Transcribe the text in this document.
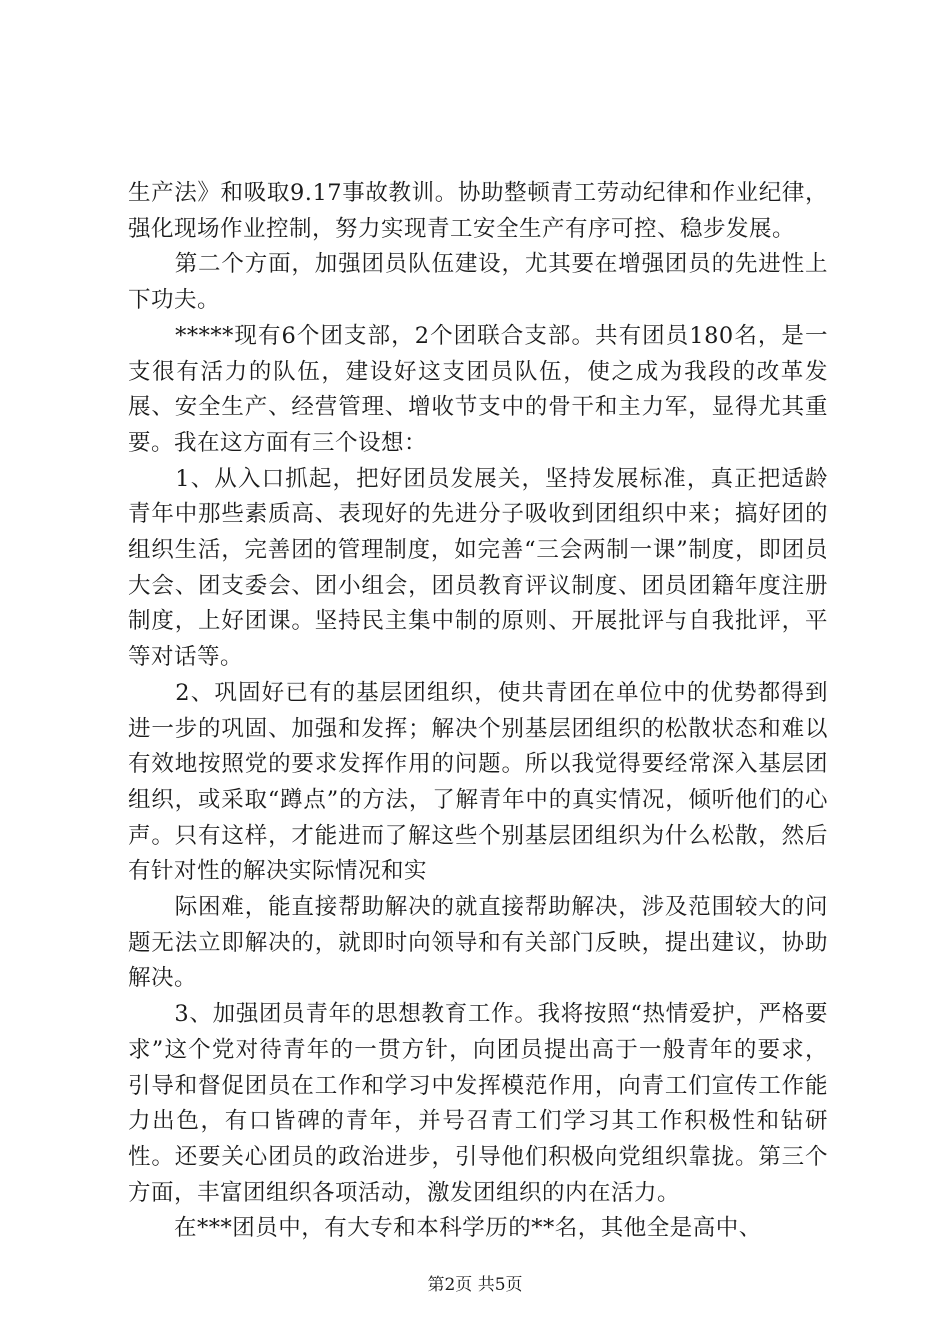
生产法》和吸取9.17事故教训。协助整顿青工劳动纪律和作业纪律，强化现场作业控制，努力实现青工安全生产有序可控、稳步发展。

　　第二个方面，加强团员队伍建设，尤其要在增强团员的先进性上下功夫。

　　*****现有6个团支部，2个团联合支部。共有团员180名，是一支很有活力的队伍，建设好这支团员队伍，使之成为我段的改革发展、安全生产、经营管理、增收节支中的骨干和主力军，显得尤其重要。我在这方面有三个设想：

　　1、从入口抓起，把好团员发展关，坚持发展标准，真正把适龄青年中那些素质高、表现好的先进分子吸收到团组织中来；搞好团的组织生活，完善团的管理制度，如完善“三会两制一课”制度，即团员大会、团支委会、团小组会，团员教育评议制度、团员团籍年度注册制度，上好团课。坚持民主集中制的原则、开展批评与自我批评，平等对话等。

　　2、巩固好已有的基层团组织，使共青团在单位中的优势都得到进一步的巩固、加强和发挥；解决个别基层团组织的松散状态和难以有效地按照党的要求发挥作用的问题。所以我觉得要经常深入基层团组织，或采取“蹲点”的方法，了解青年中的真实情况，倾听他们的心声。只有这样，才能进而了解这些个别基层团组织为什么松散，然后有针对性的解决实际情况和实

　　际困难，能直接帮助解决的就直接帮助解决，涉及范围较大的问题无法立即解决的，就即时向领导和有关部门反映，提出建议，协助解决。

　　3、加强团员青年的思想教育工作。我将按照“热情爱护，严格要求”这个党对待青年的一贯方针，向团员提出高于一般青年的要求，引导和督促团员在工作和学习中发挥模范作用，向青工们宣传工作能力出色，有口皆碑的青年，并号召青工们学习其工作积极性和钻研性。还要关心团员的政治进步，引导他们积极向党组织靠拢。第三个方面，丰富团组织各项活动，激发团组织的内在活力。

　　在***团员中，有大专和本科学历的**名，其他全是高中、

第2页 共5页
